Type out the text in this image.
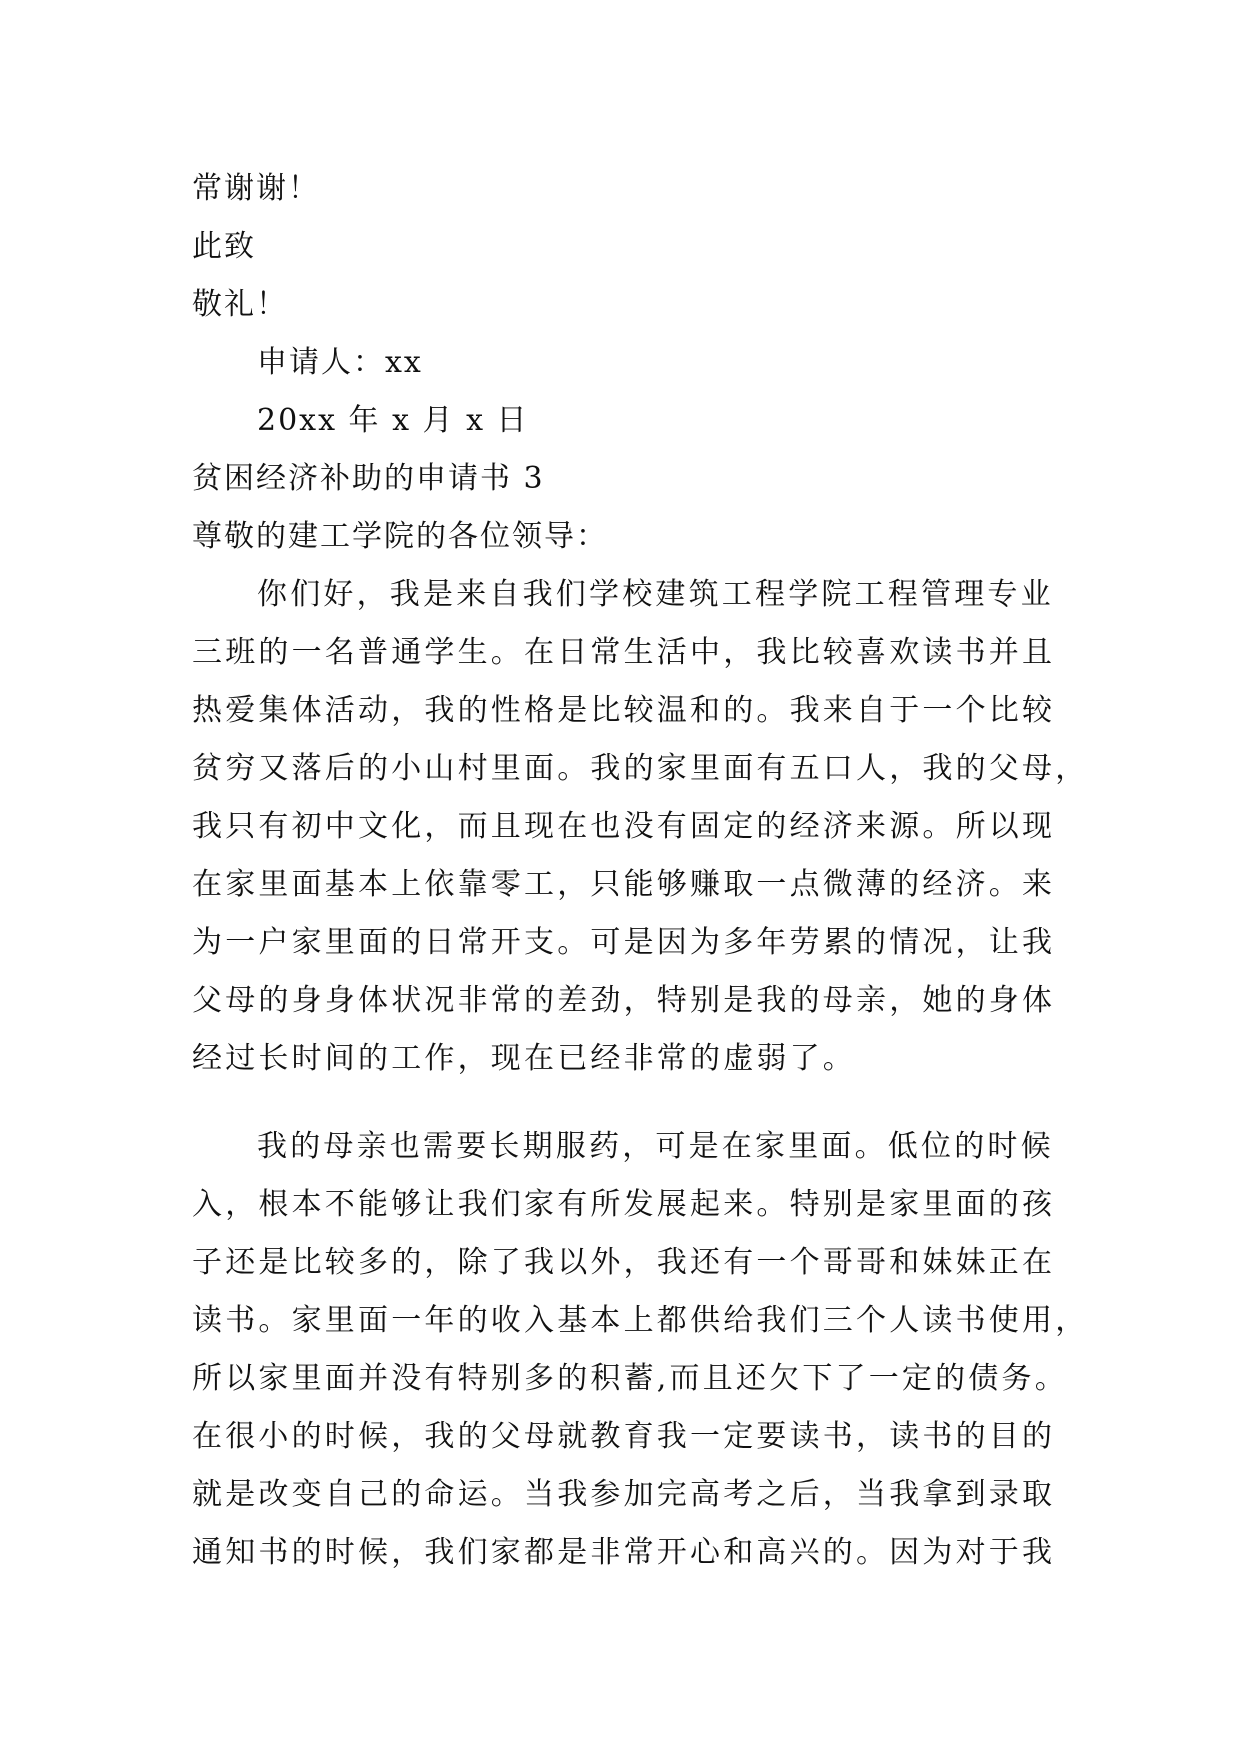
常谢谢！
此致
敬礼！
申请人：xx
20xx 年 x 月 x 日
贫困经济补助的申请书 3
尊敬的建工学院的各位领导：
你们好，我是来自我们学校建筑工程学院工程管理专业
三班的一名普通学生。在日常生活中，我比较喜欢读书并且
热爱集体活动，我的性格是比较温和的。我来自于一个比较
贫穷又落后的小山村里面。我的家里面有五口人，我的父母，
我只有初中文化，而且现在也没有固定的经济来源。所以现
在家里面基本上依靠零工，只能够赚取一点微薄的经济。来
为一户家里面的日常开支。可是因为多年劳累的情况，让我
父母的身身体状况非常的差劲，特别是我的母亲，她的身体
经过长时间的工作，现在已经非常的虚弱了。
我的母亲也需要长期服药，可是在家里面。低位的时候
入，根本不能够让我们家有所发展起来。特别是家里面的孩
子还是比较多的，除了我以外，我还有一个哥哥和妹妹正在
读书。家里面一年的收入基本上都供给我们三个人读书使用，
所以家里面并没有特别多的积蓄,而且还欠下了一定的债务。
在很小的时候，我的父母就教育我一定要读书，读书的目的
就是改变自己的命运。当我参加完高考之后，当我拿到录取
通知书的时候，我们家都是非常开心和高兴的。因为对于我
